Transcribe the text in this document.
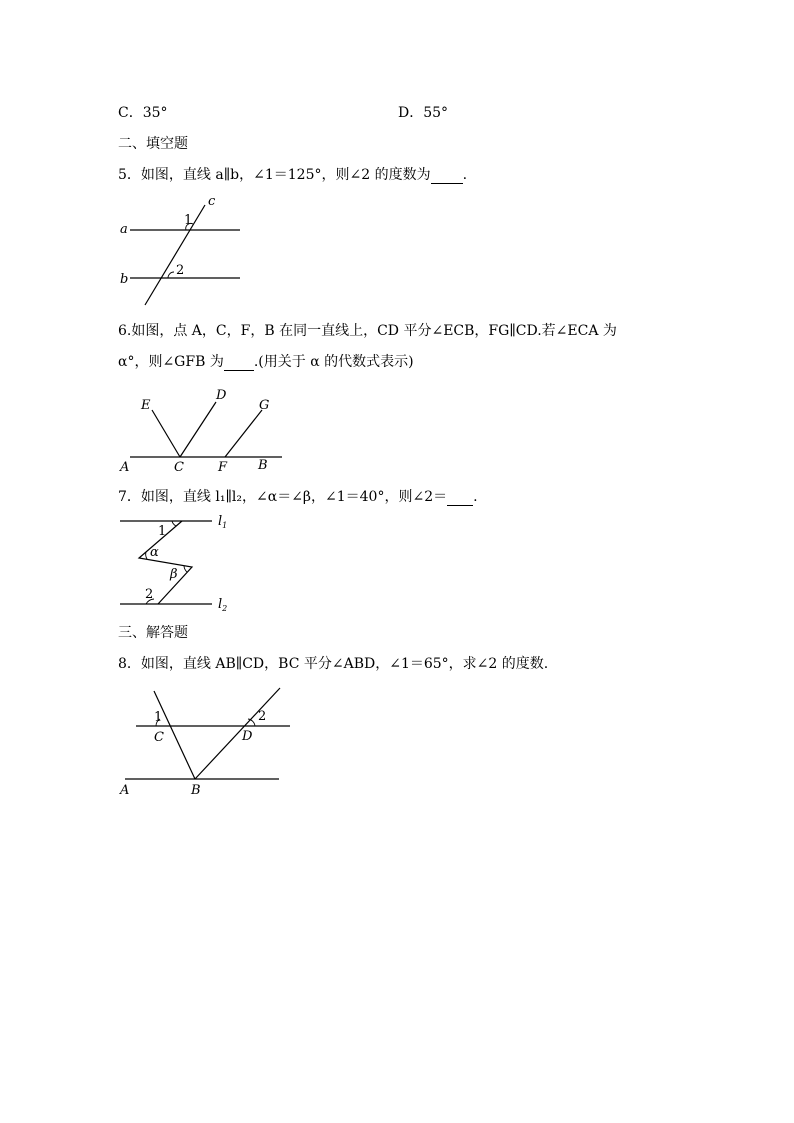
C．35°	D．55°
二、填空题
5．如图，直线 a∥b，∠1＝125°，则∠2 的度数为 .
a
b
c
1
2
6.如图，点 A，C，F，B 在同一直线上，CD 平分∠ECB，FG∥CD.若∠ECA 为
α°，则∠GFB 为 .(用关于 α 的代数式表示)
E
D
G
A	C	F B
7．如图，直线 l₁∥l₂，∠α＝∠β，∠1＝40°，则∠2＝ .
1
α
β
2
$l_1$
$l_2$
三、解答题
8．如图，直线 AB∥CD，BC 平分∠ABD，∠1＝65°，求∠2 的度数.
1	2
C	D
A	B
